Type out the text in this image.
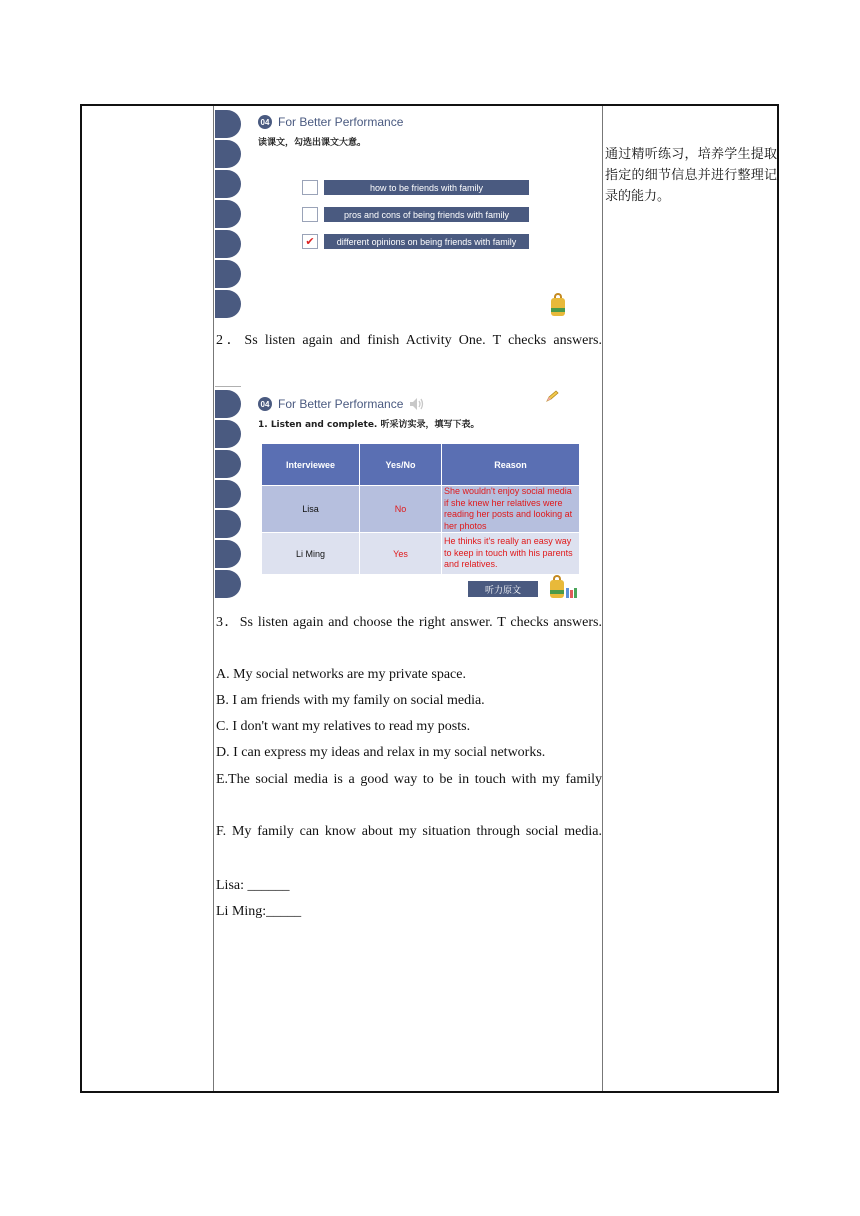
04 For Better Performance
读课文，勾选出课文大意。
how to be friends with family
pros and cons of being friends with family
✔	different opinions on being friends with family
2．Ss listen again and finish Activity One. T checks answers.
04 For Better Performance
1. Listen and complete. 听采访实录，填写下表。
Interviewee	Yes/No	Reason
Lisa	No	She wouldn't enjoy social media if she knew her relatives were reading her posts and looking at her photos
Li Ming	Yes	He thinks it's really an easy way to keep in touch with his parents and relatives.
听力原文
3．Ss listen again and choose the right answer. T checks answers.
A. My social networks are my private space.
B. I am friends with my family on social media.
C. I don't want my relatives to read my posts.
D. I can express my ideas and relax in my social networks.
E.The social media is a good way to be in touch with my family
F. My family can know about my situation through social media.
Lisa: ______
Li Ming:_____
通过精听练习，培养学生提取指定的细节信息并进行整理记录的能力。
